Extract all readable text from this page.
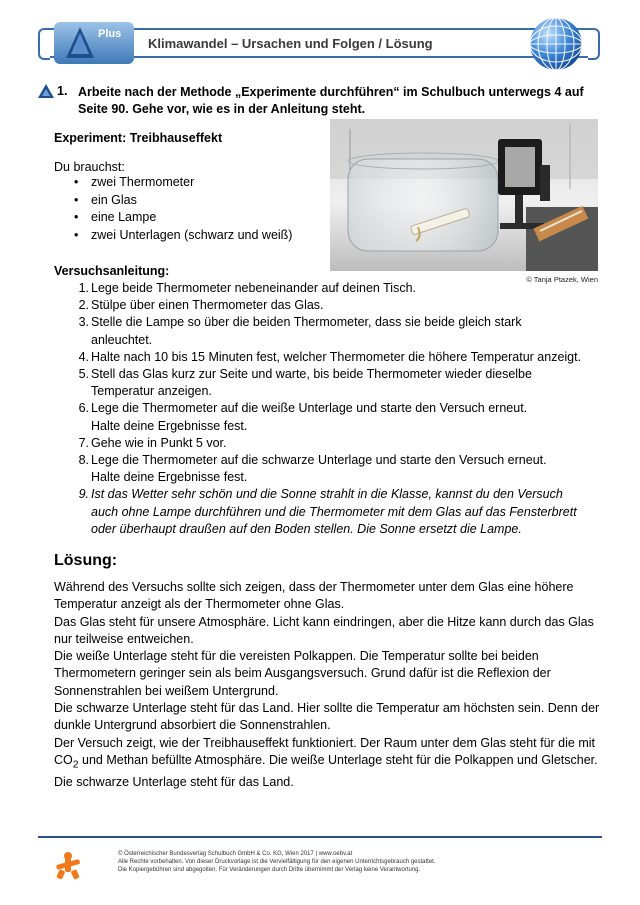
Plus
Klimawandel – Ursachen und Folgen / Lösung
1. Arbeite nach der Methode „Experimente durchführen“ im Schulbuch unterwegs 4 auf Seite 90. Gehe vor, wie es in der Anleitung steht.
Experiment: Treibhauseffekt
Du brauchst:
• zwei Thermometer
• ein Glas
• eine Lampe
• zwei Unterlagen (schwarz und weiß)
© Tanja Ptazek, Wien
Versuchsanleitung:
1. Lege beide Thermometer nebeneinander auf deinen Tisch.
2. Stülpe über einen Thermometer das Glas.
3. Stelle die Lampe so über die beiden Thermometer, dass sie beide gleich stark
anleuchtet.
4. Halte nach 10 bis 15 Minuten fest, welcher Thermometer die höhere Temperatur anzeigt.
5. Stell das Glas kurz zur Seite und warte, bis beide Thermometer wieder dieselbe
Temperatur anzeigen.
6. Lege die Thermometer auf die weiße Unterlage und starte den Versuch erneut.
Halte deine Ergebnisse fest.
7. Gehe wie in Punkt 5 vor.
8. Lege die Thermometer auf die schwarze Unterlage und starte den Versuch erneut.
Halte deine Ergebnisse fest.
9. Ist das Wetter sehr schön und die Sonne strahlt in die Klasse, kannst du den Versuch
auch ohne Lampe durchführen und die Thermometer mit dem Glas auf das Fensterbrett
oder überhaupt draußen auf den Boden stellen. Die Sonne ersetzt die Lampe.
Lösung:

Während des Versuchs sollte sich zeigen, dass der Thermometer unter dem Glas eine höhere Temperatur anzeigt als der Thermometer ohne Glas.

Das Glas steht für unsere Atmosphäre. Licht kann eindringen, aber die Hitze kann durch das Glas nur teilweise entweichen.

Die weiße Unterlage steht für die vereisten Polkappen. Die Temperatur sollte bei beiden Thermometern geringer sein als beim Ausgangsversuch. Grund dafür ist die Reflexion der Sonnenstrahlen bei weißem Untergrund.

Die schwarze Unterlage steht für das Land. Hier sollte die Temperatur am höchsten sein. Denn der dunkle Untergrund absorbiert die Sonnenstrahlen.

Der Versuch zeigt, wie der Treibhauseffekt funktioniert. Der Raum unter dem Glas steht für die mit $CO_2$ und Methan befüllte Atmosphäre. Die weiße Unterlage steht für die Polkappen und Gletscher. Die schwarze Unterlage steht für das Land.

© Österreichischer Bundesverlag Schulbuch GmbH & Co. KG, Wien 2017 | www.oebv.at
Alle Rechte vorbehalten. Von dieser Druckvorlage ist die Vervielfältigung für den eigenen Unterrichtsgebrauch gestattet.
Die Kopiergebühren sind abgegolten. Für Veränderungen durch Dritte übernimmt der Verlag keine Verantwortung.
